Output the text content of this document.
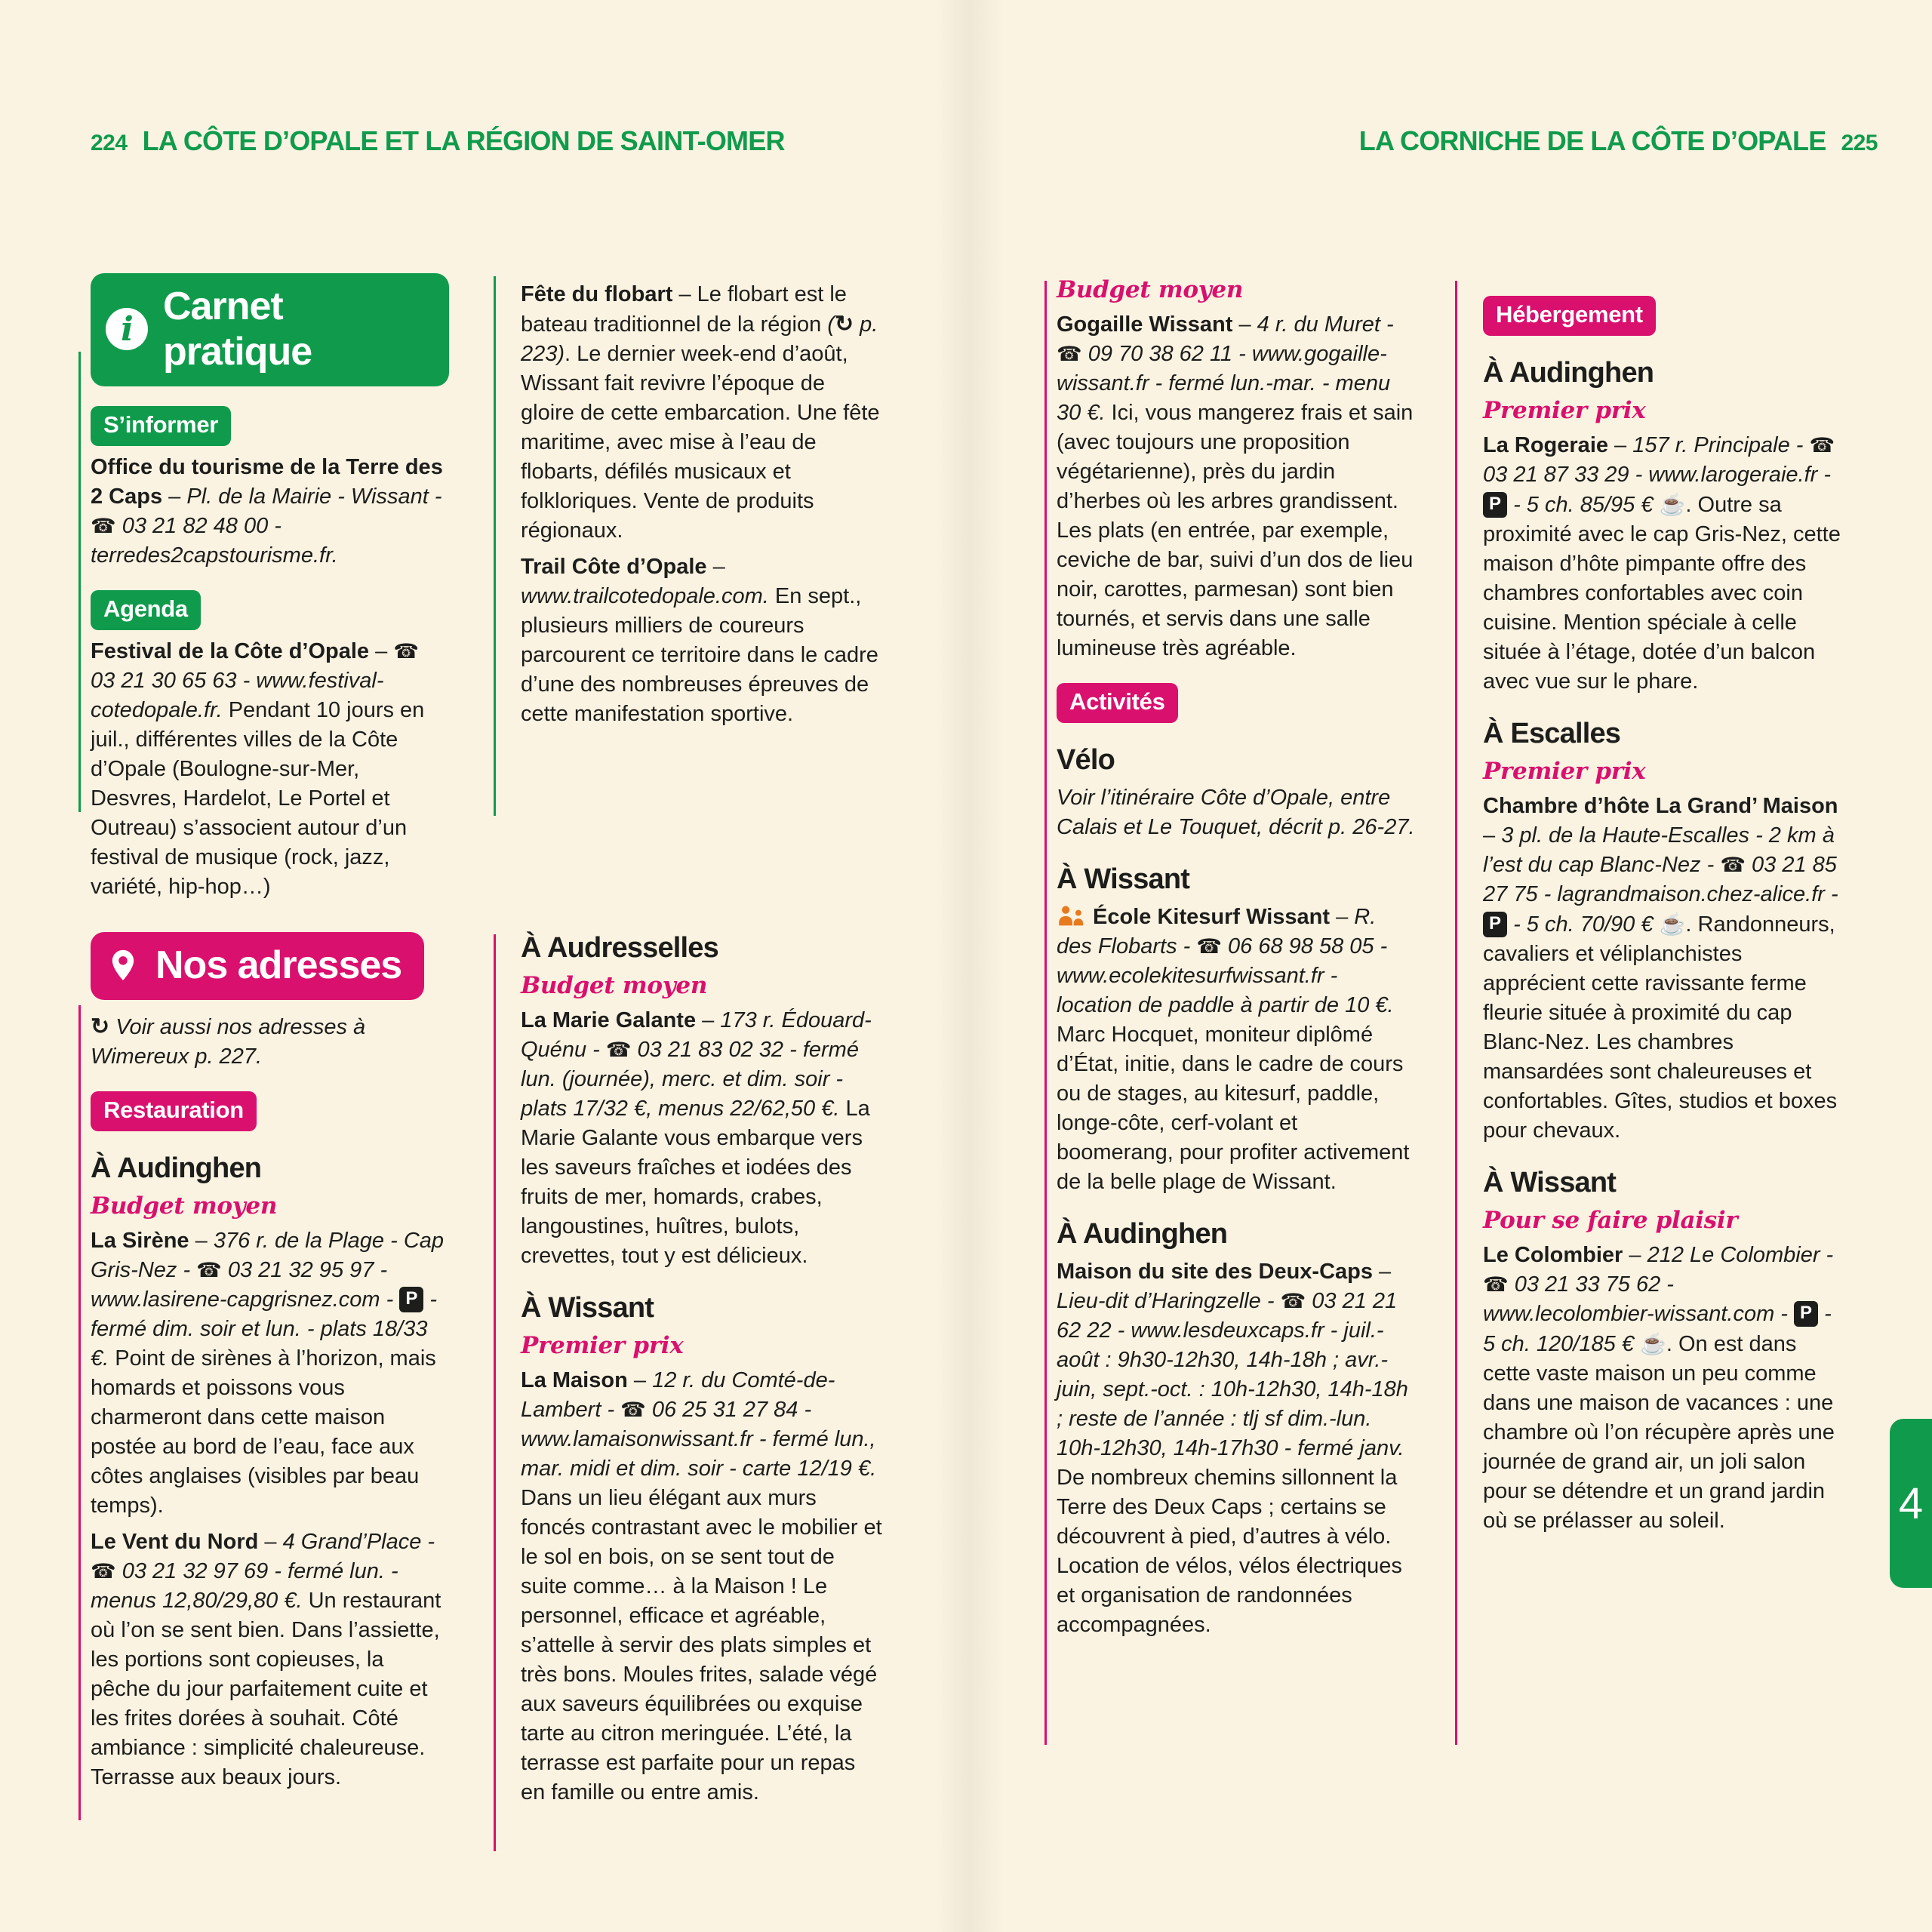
224 LA CÔTE D’OPALE ET LA RÉGION DE SAINT-OMER	LA CORNICHE DE LA CÔTE D’OPALE 225
i
Carnet pratique
S’informer

Office du tourisme de la Terre des 2 Caps – Pl. de la Mairie - Wissant - ☎ 03 21 82 48 00 - terredes2capstourisme.fr.

Agenda

Festival de la Côte d’Opale – ☎ 03 21 30 65 63 - www.festival-cotedopale.fr. Pendant 10 jours en juil., différentes villes de la Côte d’Opale (Boulogne-sur-Mer, Desvres, Hardelot, Le Portel et Outreau) s’associent autour d’un festival de musique (rock, jazz, variété, hip-hop…)

Nos adresses

↻ Voir aussi nos adresses à Wimereux p. 227.

Restauration
À Audinghen
Budget moyen

La Sirène – 376 r. de la Plage - Cap Gris-Nez - ☎ 03 21 32 95 97 - www.lasirene-capgrisnez.com - P - fermé dim. soir et lun. - plats 18/33 €. Point de sirènes à l’horizon, mais homards et poissons vous charmeront dans cette maison postée au bord de l’eau, face aux côtes anglaises (visibles par beau temps).

Le Vent du Nord – 4 Grand’Place - ☎ 03 21 32 97 69 - fermé lun. - menus 12,80/29,80 €. Un restaurant où l’on se sent bien. Dans l’assiette, les portions sont copieuses, la pêche du jour parfaitement cuite et les frites dorées à souhait. Côté ambiance : simplicité chaleureuse. Terrasse aux beaux jours.

Fête du flobart – Le flobart est le bateau traditionnel de la région (↻ p. 223). Le dernier week-end d’août, Wissant fait revivre l’époque de gloire de cette embarcation. Une fête maritime, avec mise à l’eau de flobarts, défilés musicaux et folkloriques. Vente de produits régionaux.

Trail Côte d’Opale – www.trailcotedopale.com. En sept., plusieurs milliers de coureurs parcourent ce territoire dans le cadre d’une des nombreuses épreuves de cette manifestation sportive.

À Audresselles
Budget moyen

La Marie Galante – 173 r. Édouard-Quénu - ☎ 03 21 83 02 32 - fermé lun. (journée), merc. et dim. soir - plats 17/32 €, menus 22/62,50 €. La Marie Galante vous embarque vers les saveurs fraîches et iodées des fruits de mer, homards, crabes, langoustines, huîtres, bulots, crevettes, tout y est délicieux.

À Wissant
Premier prix

La Maison – 12 r. du Comté-de-Lambert - ☎ 06 25 31 27 84 - www.lamaisonwissant.fr - fermé lun., mar. midi et dim. soir - carte 12/19 €. Dans un lieu élégant aux murs foncés contrastant avec le mobilier et le sol en bois, on se sent tout de suite comme… à la Maison ! Le personnel, efficace et agréable, s’attelle à servir des plats simples et très bons. Moules frites, salade végé aux saveurs équilibrées ou exquise tarte au citron meringuée. L’été, la terrasse est parfaite pour un repas en famille ou entre amis.

Budget moyen

Gogaille Wissant – 4 r. du Muret - ☎ 09 70 38 62 11 - www.gogaille-wissant.fr - fermé lun.-mar. - menu 30 €. Ici, vous mangerez frais et sain (avec toujours une proposition végétarienne), près du jardin d’herbes où les arbres grandissent. Les plats (en entrée, par exemple, ceviche de bar, suivi d’un dos de lieu noir, carottes, parmesan) sont bien tournés, et servis dans une salle lumineuse très agréable.

Activités
Vélo

Voir l’itinéraire Côte d’Opale, entre Calais et Le Touquet, décrit p. 26-27.

À Wissant

École Kitesurf Wissant – R. des Flobarts - ☎ 06 68 98 58 05 - www.ecolekitesurfwissant.fr - location de paddle à partir de 10 €. Marc Hocquet, moniteur diplômé d’État, initie, dans le cadre de cours ou de stages, au kitesurf, paddle, longe-côte, cerf-volant et boomerang, pour profiter activement de la belle plage de Wissant.

À Audinghen

Maison du site des Deux-Caps – Lieu-dit d’Haringzelle - ☎ 03 21 21 62 22 - www.lesdeuxcaps.fr - juil.-août : 9h30-12h30, 14h-18h ; avr.-juin, sept.-oct. : 10h-12h30, 14h-18h ; reste de l’année : tlj sf dim.-lun. 10h-12h30, 14h-17h30 - fermé janv. De nombreux chemins sillonnent la Terre des Deux Caps ; certains se découvrent à pied, d’autres à vélo. Location de vélos, vélos électriques et organisation de randonnées accompagnées.

Hébergement
À Audinghen
Premier prix

La Rogeraie – 157 r. Principale - ☎ 03 21 87 33 29 - www.larogeraie.fr - P - 5 ch. 85/95 € ☕. Outre sa proximité avec le cap Gris-Nez, cette maison d’hôte pimpante offre des chambres confortables avec coin cuisine. Mention spéciale à celle située à l’étage, dotée d’un balcon avec vue sur le phare.

À Escalles
Premier prix

Chambre d’hôte La Grand’ Maison – 3 pl. de la Haute-Escalles - 2 km à l’est du cap Blanc-Nez - ☎ 03 21 85 27 75 - lagrandmaison.chez-alice.fr - P - 5 ch. 70/90 € ☕. Randonneurs, cavaliers et véliplanchistes apprécient cette ravissante ferme fleurie située à proximité du cap Blanc-Nez. Les chambres mansardées sont chaleureuses et confortables. Gîtes, studios et boxes pour chevaux.

À Wissant
Pour se faire plaisir

Le Colombier – 212 Le Colombier - ☎ 03 21 33 75 62 - www.lecolombier-wissant.com - P - 5 ch. 120/185 € ☕. On est dans cette vaste maison un peu comme dans une maison de vacances : une chambre où l’on récupère après une journée de grand air, un joli salon pour se détendre et un grand jardin où se prélasser au soleil.	4
